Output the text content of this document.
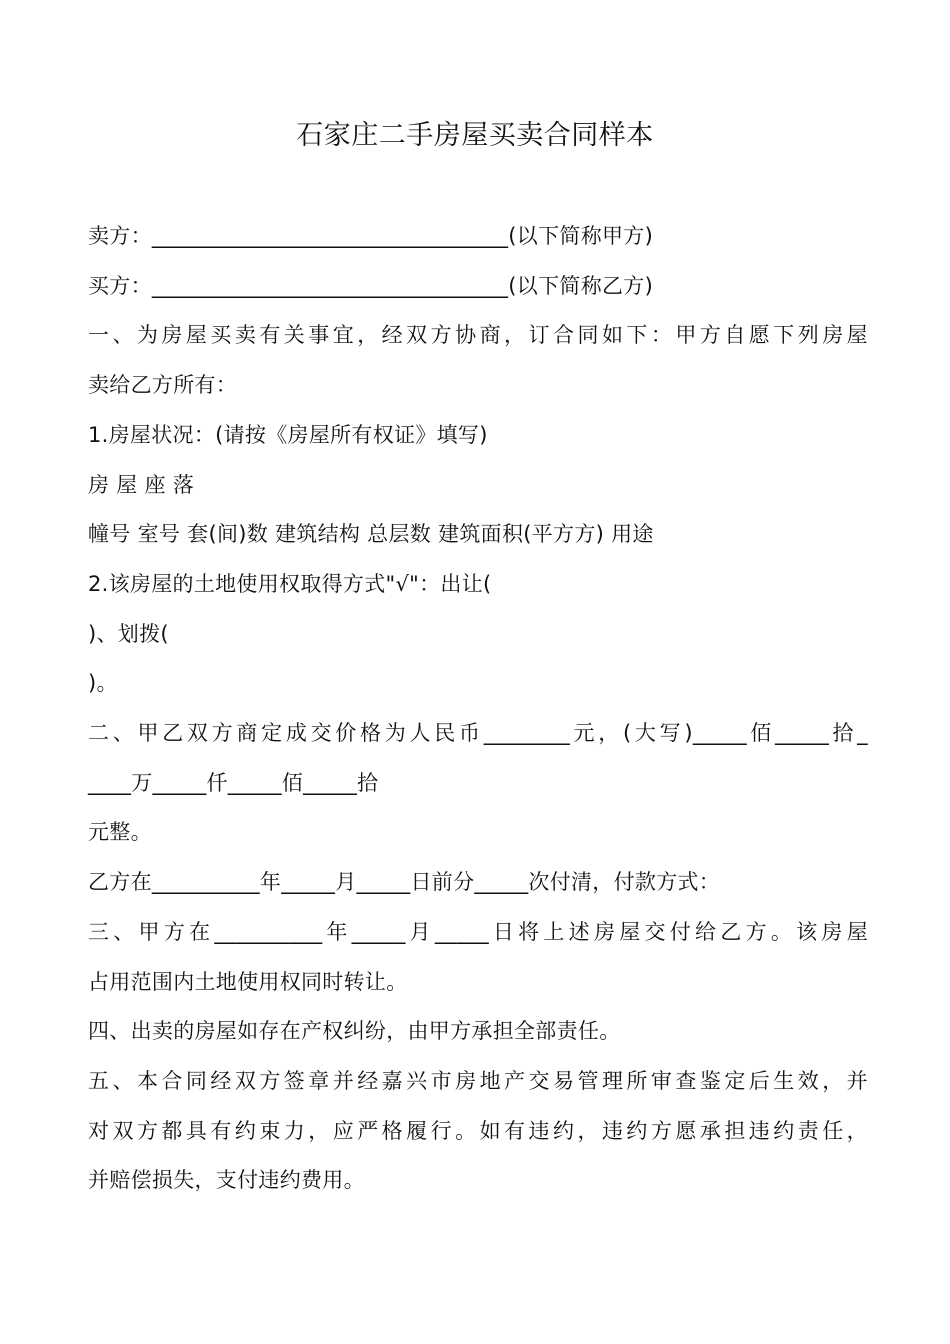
石家庄二手房屋买卖合同样本
卖方：_________________________________(以下简称甲方)
买方：_________________________________(以下简称乙方)
一、为房屋买卖有关事宜，经双方协商，订合同如下：甲方自愿下列房屋
卖给乙方所有：
1.房屋状况：(请按《房屋所有权证》填写)
房 屋 座 落
幢号 室号 套(间)数 建筑结构 总层数 建筑面积(平方方) 用途
2.该房屋的土地使用权取得方式"√"：出让(
)、划拨(
)。
二、甲乙双方商定成交价格为人民币________元，(大写)_____佰_____拾_
____万_____仟_____佰_____拾
元整。
乙方在__________年_____月_____日前分_____次付清，付款方式：
三、甲方在__________年_____月_____日将上述房屋交付给乙方。该房屋
占用范围内土地使用权同时转让。
四、出卖的房屋如存在产权纠纷，由甲方承担全部责任。
五、本合同经双方签章并经嘉兴市房地产交易管理所审查鉴定后生效，并
对双方都具有约束力，应严格履行。如有违约，违约方愿承担违约责任，
并赔偿损失，支付违约费用。
